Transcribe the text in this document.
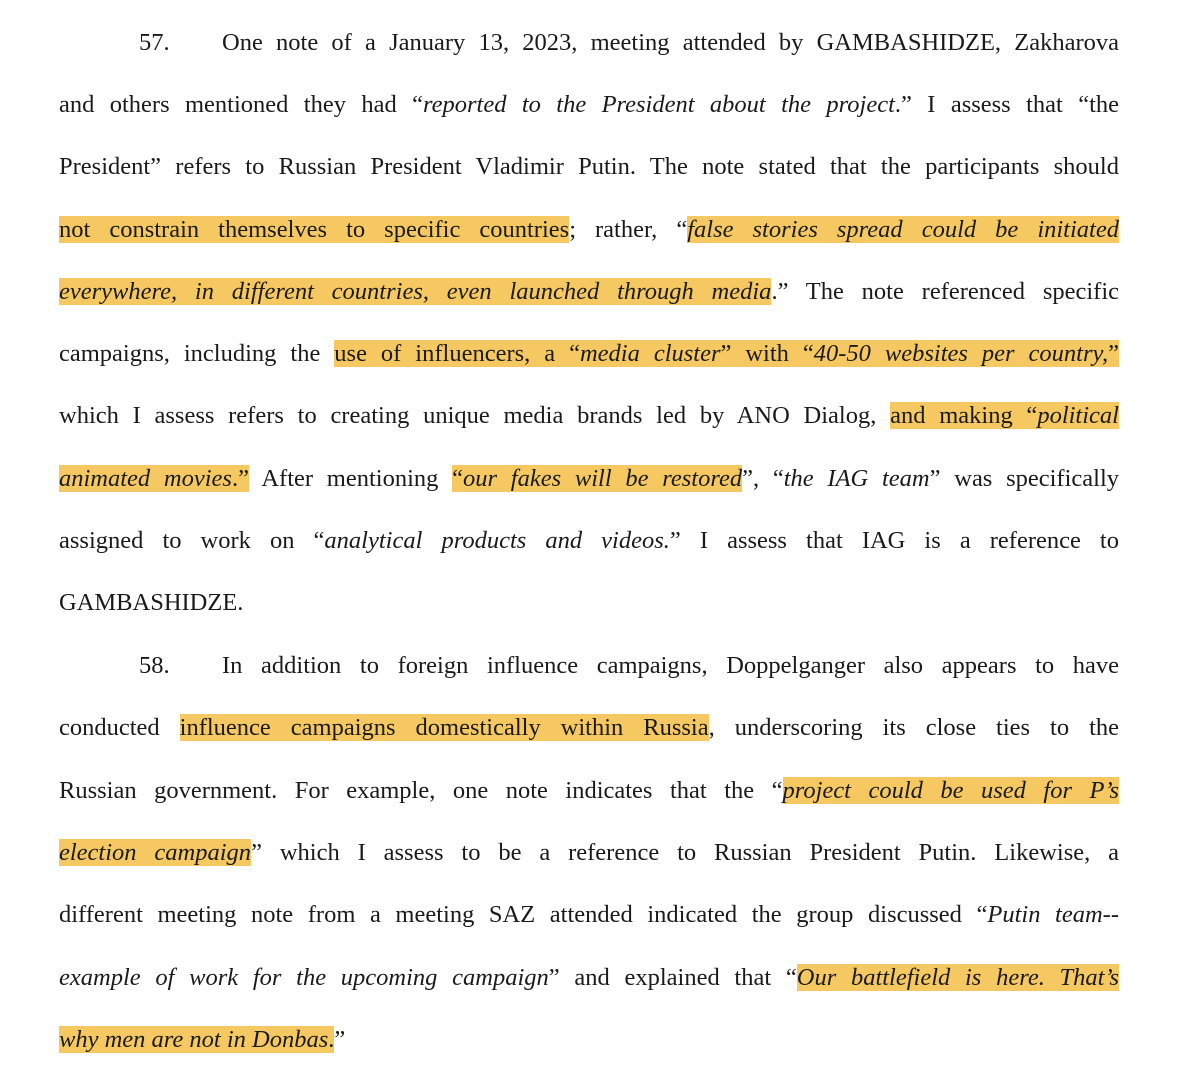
57. One note of a January 13, 2023, meeting attended by GAMBASHIDZE, Zakharova
and others mentioned they had “reported to the President about the project.” I assess that “the
President” refers to Russian President Vladimir Putin. The note stated that the participants should
not constrain themselves to specific countries; rather, “false stories spread could be initiated
everywhere, in different countries, even launched through media.” The note referenced specific
campaigns, including the use of influencers, a “media cluster” with “40-50 websites per country,”
which I assess refers to creating unique media brands led by ANO Dialog, and making “political
animated movies.” After mentioning “our fakes will be restored”, “the IAG team” was specifically
assigned to work on “analytical products and videos.” I assess that IAG is a reference to
GAMBASHIDZE.
58. In addition to foreign influence campaigns, Doppelganger also appears to have
conducted influence campaigns domestically within Russia, underscoring its close ties to the
Russian government. For example, one note indicates that the “project could be used for P’s
election campaign” which I assess to be a reference to Russian President Putin. Likewise, a
different meeting note from a meeting SAZ attended indicated the group discussed “Putin team--
example of work for the upcoming campaign” and explained that “Our battlefield is here. That’s
why men are not in Donbas.”
